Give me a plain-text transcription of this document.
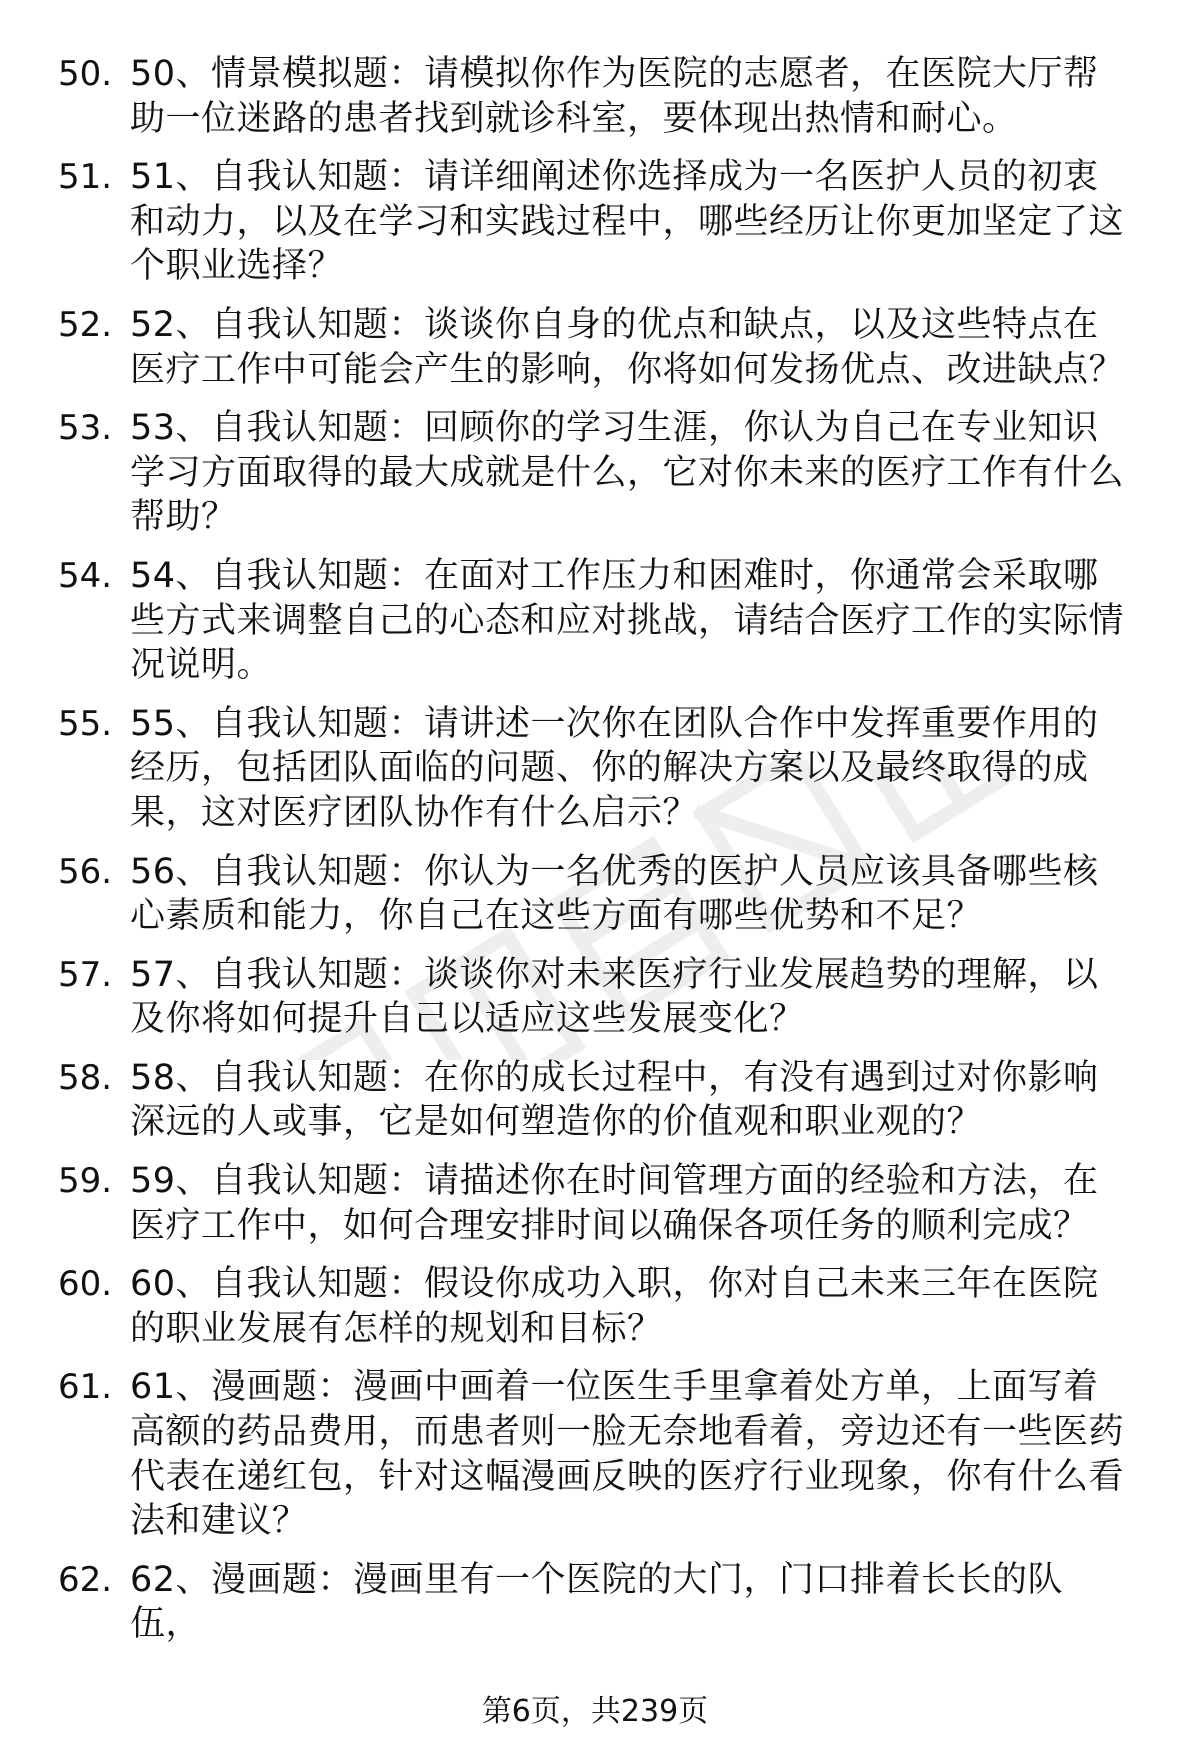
50. 50、情景模拟题：请模拟你作为医院的志愿者，在医院大厅帮助一位迷路的患者找到就诊科室，要体现出热情和耐心。
51. 51、自我认知题：请详细阐述你选择成为一名医护人员的初衷和动力，以及在学习和实践过程中，哪些经历让你更加坚定了这个职业选择？
52. 52、自我认知题：谈谈你自身的优点和缺点，以及这些特点在医疗工作中可能会产生的影响，你将如何发扬优点、改进缺点？
53. 53、自我认知题：回顾你的学习生涯，你认为自己在专业知识学习方面取得的最大成就是什么，它对你未来的医疗工作有什么帮助？
54. 54、自我认知题：在面对工作压力和困难时，你通常会采取哪些方式来调整自己的心态和应对挑战，请结合医疗工作的实际情况说明。
55. 55、自我认知题：请讲述一次你在团队合作中发挥重要作用的经历，包括团队面临的问题、你的解决方案以及最终取得的成果，这对医疗团队协作有什么启示？
56. 56、自我认知题：你认为一名优秀的医护人员应该具备哪些核心素质和能力，你自己在这些方面有哪些优势和不足？
57. 57、自我认知题：谈谈你对未来医疗行业发展趋势的理解，以及你将如何提升自己以适应这些发展变化？
58. 58、自我认知题：在你的成长过程中，有没有遇到过对你影响深远的人或事，它是如何塑造你的价值观和职业观的？
59. 59、自我认知题：请描述你在时间管理方面的经验和方法，在医疗工作中，如何合理安排时间以确保各项任务的顺利完成？
60. 60、自我认知题：假设你成功入职，你对自己未来三年在医院的职业发展有怎样的规划和目标？
61. 61、漫画题：漫画中画着一位医生手里拿着处方单，上面写着高额的药品费用，而患者则一脸无奈地看着，旁边还有一些医药代表在递红包，针对这幅漫画反映的医疗行业现象，你有什么看法和建议？
62. 62、漫画题：漫画里有一个医院的大门，门口排着长长的队伍，
第6页，共239页
